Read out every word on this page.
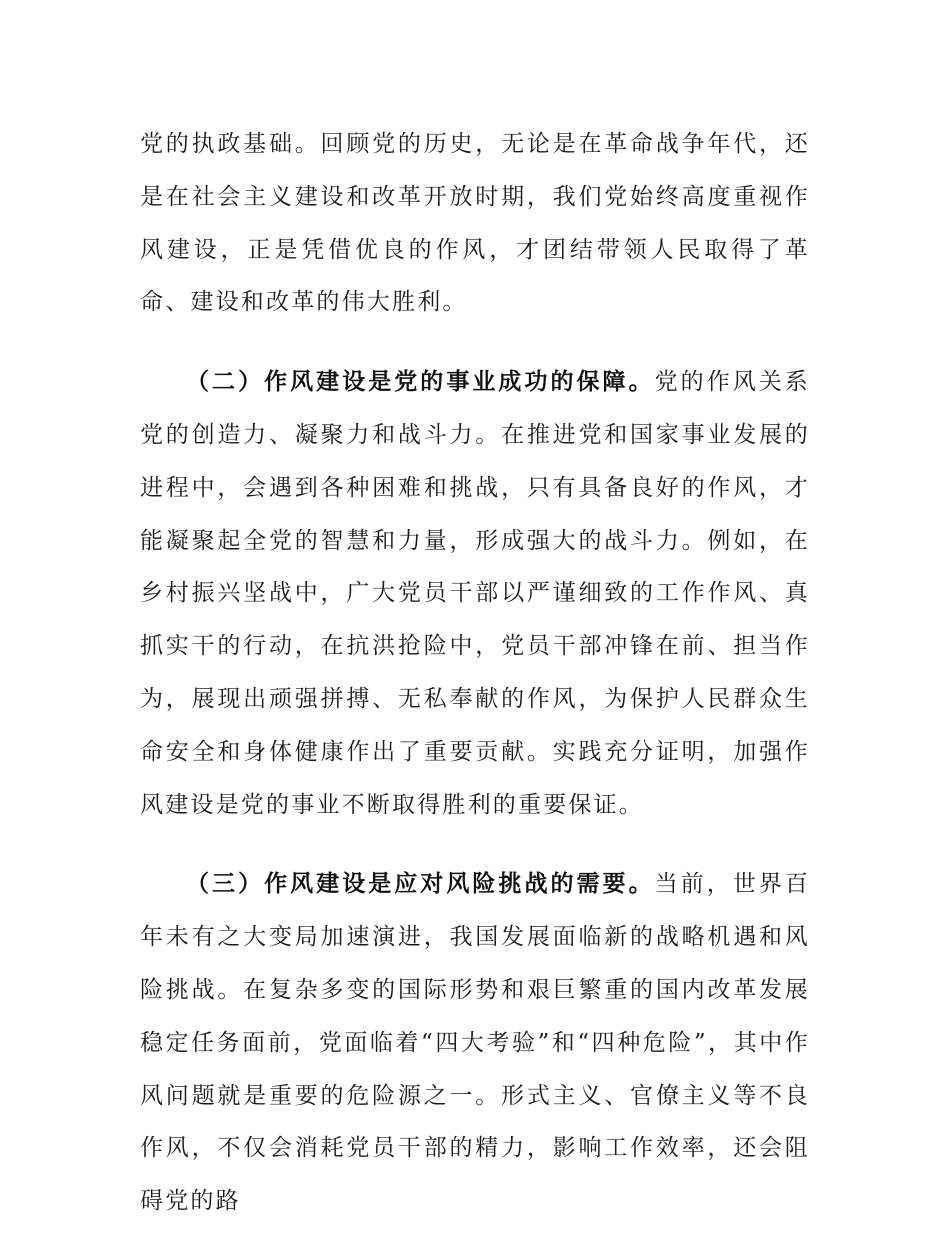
党的执政基础。回顾党的历史，无论是在革命战争年代，还是在社会主义建设和改革开放时期，我们党始终高度重视作风建设，正是凭借优良的作风，才团结带领人民取得了革命、建设和改革的伟大胜利。

（二）作风建设是党的事业成功的保障。党的作风关系党的创造力、凝聚力和战斗力。在推进党和国家事业发展的进程中，会遇到各种困难和挑战，只有具备良好的作风，才能凝聚起全党的智慧和力量，形成强大的战斗力。例如，在乡村振兴坚战中，广大党员干部以严谨细致的工作作风、真抓实干的行动，在抗洪抢险中，党员干部冲锋在前、担当作为，展现出顽强拼搏、无私奉献的作风，为保护人民群众生命安全和身体健康作出了重要贡献。实践充分证明，加强作风建设是党的事业不断取得胜利的重要保证。

（三）作风建设是应对风险挑战的需要。当前，世界百年未有之大变局加速演进，我国发展面临新的战略机遇和风险挑战。在复杂多变的国际形势和艰巨繁重的国内改革发展稳定任务面前，党面临着“四大考验”和“四种危险”，其中作风问题就是重要的危险源之一。形式主义、官僚主义等不良作风，不仅会消耗党员干部的精力，影响工作效率，还会阻碍党的路
